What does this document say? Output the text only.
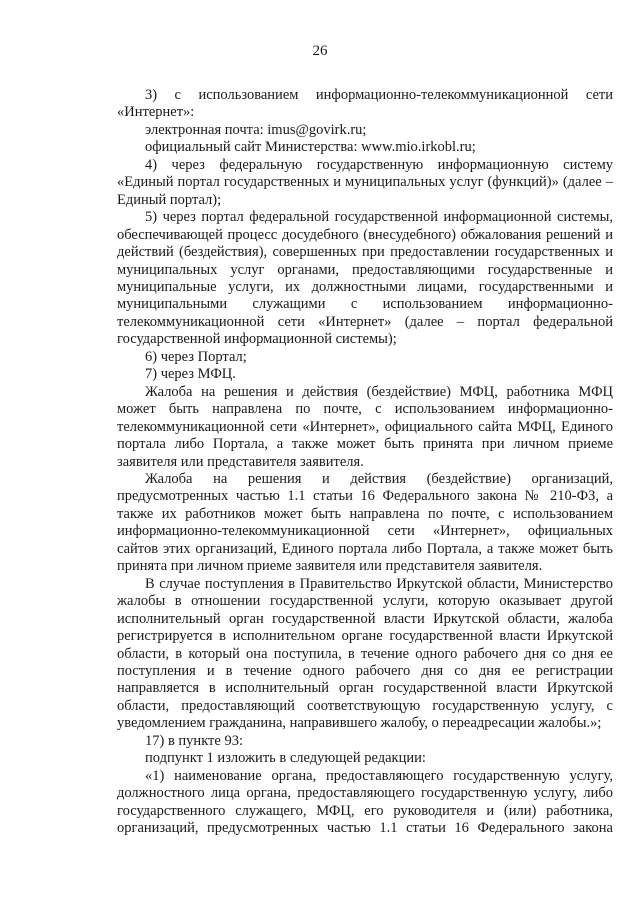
26

3) с использованием информационно-телекоммуникационной сети «Интернет»:

электронная почта: imus@govirk.ru;

официальный сайт Министерства: www.mio.irkobl.ru;

4) через федеральную государственную информационную систему «Единый портал государственных и муниципальных услуг (функций)» (далее – Единый портал);

5) через портал федеральной государственной информационной системы, обеспечивающей процесс досудебного (внесудебного) обжалования решений и действий (бездействия), совершенных при предоставлении государственных и муниципальных услуг органами, предоставляющими государственные и муниципальные услуги, их должностными лицами, государственными и муниципальными служащими с использованием информационно-телекоммуникационной сети «Интернет» (далее – портал федеральной государственной информационной системы);

6) через Портал;

7) через МФЦ.

Жалоба на решения и действия (бездействие) МФЦ, работника МФЦ может быть направлена по почте, с использованием информационно-телекоммуникационной сети «Интернет», официального сайта МФЦ, Единого портала либо Портала, а также может быть принята при личном приеме заявителя или представителя заявителя.

Жалоба на решения и действия (бездействие) организаций, предусмотренных частью 1.1 статьи 16 Федерального закона № 210-ФЗ, а также их работников может быть направлена по почте, с использованием информационно-телекоммуникационной сети «Интернет», официальных сайтов этих организаций, Единого портала либо Портала, а также может быть принята при личном приеме заявителя или представителя заявителя.

В случае поступления в Правительство Иркутской области, Министерство жалобы в отношении государственной услуги, которую оказывает другой исполнительный орган государственной власти Иркутской области, жалоба регистрируется в исполнительном органе государственной власти Иркутской области, в который она поступила, в течение одного рабочего дня со дня ее поступления и в течение одного рабочего дня со дня ее регистрации направляется в исполнительный орган государственной власти Иркутской области, предоставляющий соответствующую государственную услугу, с уведомлением гражданина, направившего жалобу, о переадресации жалобы.»;

17) в пункте 93:

подпункт 1 изложить в следующей редакции:

«1) наименование органа, предоставляющего государственную услугу, должностного лица органа, предоставляющего государственную услугу, либо государственного служащего, МФЦ, его руководителя и (или) работника, организаций, предусмотренных частью 1.1 статьи 16 Федерального закона
